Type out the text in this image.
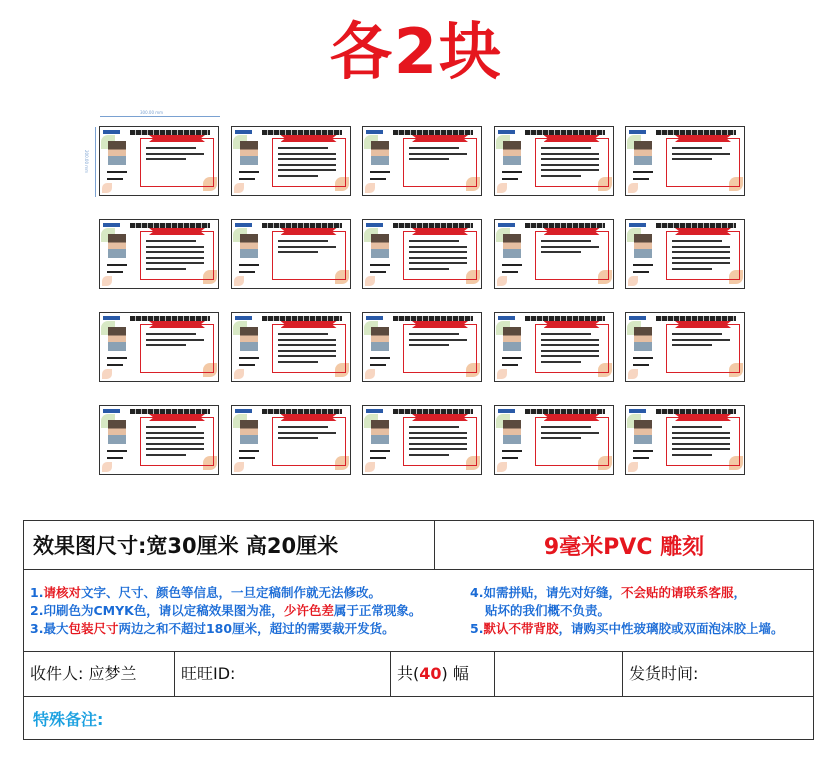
各2块
300.00 mm
200.00 mm
效果图尺寸:宽30厘米 高20厘米	9毫米PVC 雕刻
1.请核对文字、尺寸、颜色等信息，一旦定稿制作就无法修改。
2.印刷色为CMYK色，请以定稿效果图为准，少许色差属于正常现象。
3.最大包装尺寸两边之和不超过180厘米，超过的需要裁开发货。
4.如需拼贴，请先对好缝，不会贴的请联系客服，
贴坏的我们概不负责。
5.默认不带背胶，请购买中性玻璃胶或双面泡沫胶上墙。
收件人: 应梦兰	旺旺ID:	共(40) 幅	发货时间:
特殊备注:
